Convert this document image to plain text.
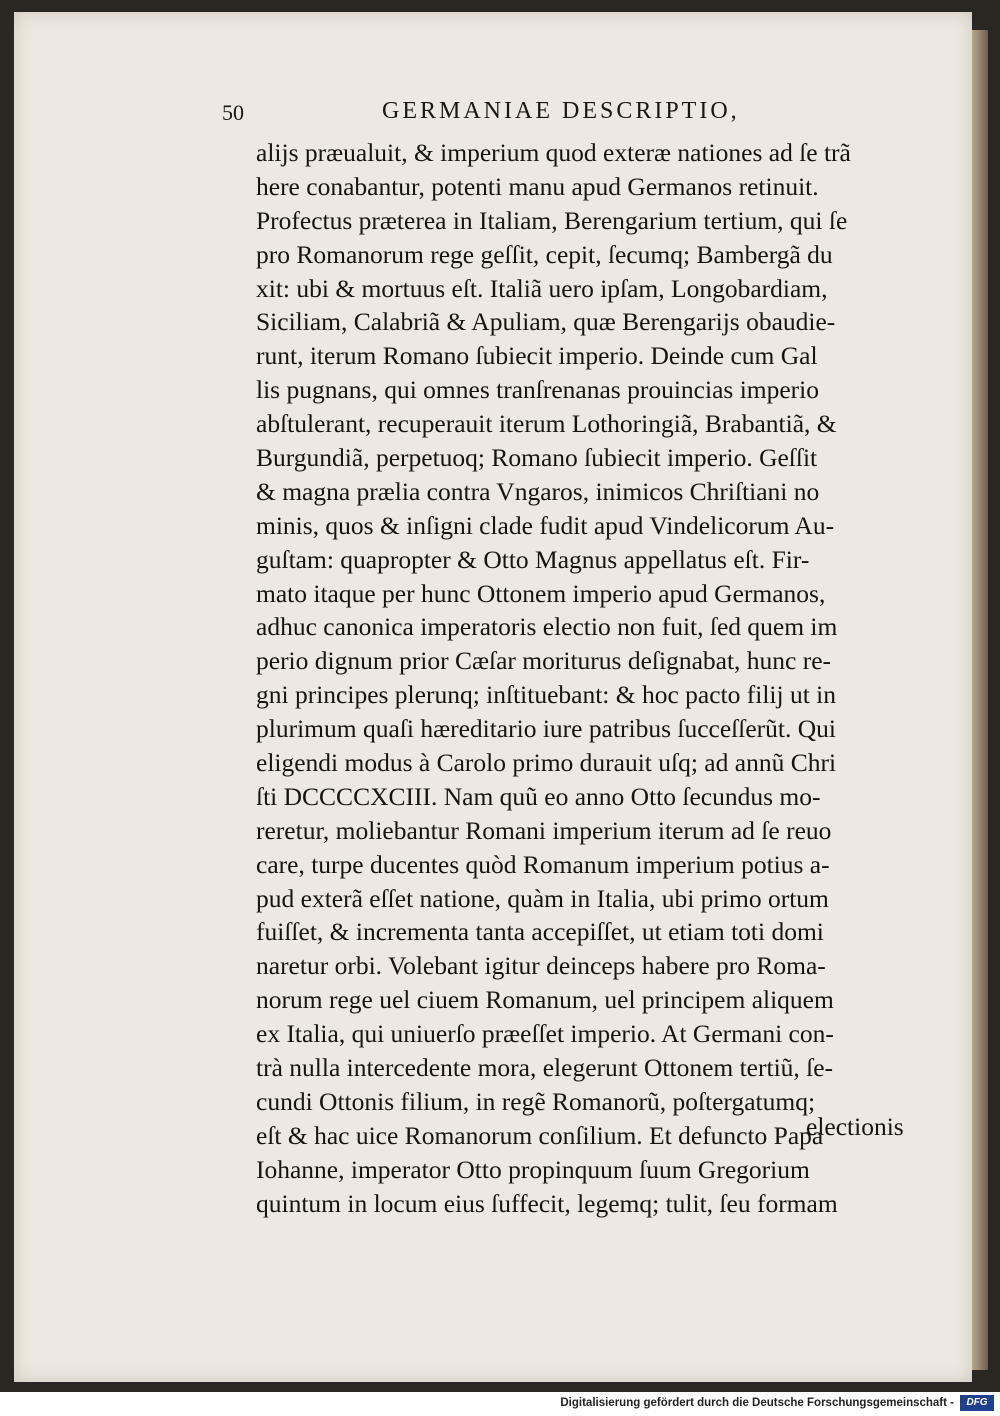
50	GERMANIAE DESCRIPTIO,
alijs præualuit, & imperium quod exteræ nationes ad ſe trã
here conabantur, potenti manu apud Germanos retinuit.
Profectus prӕterea in Italiam, Berengarium tertium, qui ſe
pro Romanorum rege geſſit, cepit, ſecumq; Bambergã du
xit: ubi & mortuus eſt. Italiã uero ipſam, Longobardiam,
Siciliam, Calabriã & Apuliam, quæ Berengarijs obaudie-
runt, iterum Romano ſubiecit imperio. Deinde cum Gal
lis pugnans, qui omnes tranſrenanas prouincias imperio
abſtulerant, recuperauit iterum Lothoringiã, Brabantiã, &
Burgundiã, perpetuoq; Romano ſubiecit imperio. Geſſit
& magna prælia contra Vngaros, inimicos Chriſtiani no
minis, quos & inſigni clade fudit apud Vindelicorum Au-
guſtam: quapropter & Otto Magnus appellatus eſt. Fir-
mato itaque per hunc Ottonem imperio apud Germanos,
adhuc canonica imperatoris electio non fuit, ſed quem im
perio dignum prior Cæſar moriturus deſignabat, hunc re-
gni principes plerunq; inſtituebant: & hoc pacto filij ut in
plurimum quaſi hæreditario iure patribus ſucceſſerũt. Qui
eligendi modus à Carolo primo durauit uſq; ad annũ Chri
ſti DCCCCXCIII. Nam quũ eo anno Otto ſecundus mo-
reretur, moliebantur Romani imperium iterum ad ſe reuo
care, turpe ducentes quòd Romanum imperium potius a-
pud exterã eſſet natione, quàm in Italia, ubi primo ortum
fuiſſet, & incrementa tanta accepiſſet, ut etiam toti domi
naretur orbi. Volebant igitur deinceps habere pro Roma-
norum rege uel ciuem Romanum, uel principem aliquem
ex Italia, qui uniuerſo præeſſet imperio. At Germani con-
trà nulla intercedente mora, elegerunt Ottonem tertiũ, ſe-
cundi Ottonis filium, in regẽ Romanorũ, poſtergatumq;
eſt & hac uice Romanorum conſilium. Et defuncto Papa
Iohanne, imperator Otto propinquum ſuum Gregorium
quintum in locum eius ſuffecit, legemq; tulit, ſeu formam
electionis
Digitalisierung gefördert durch die Deutsche Forschungsgemeinschaft -	DFG
